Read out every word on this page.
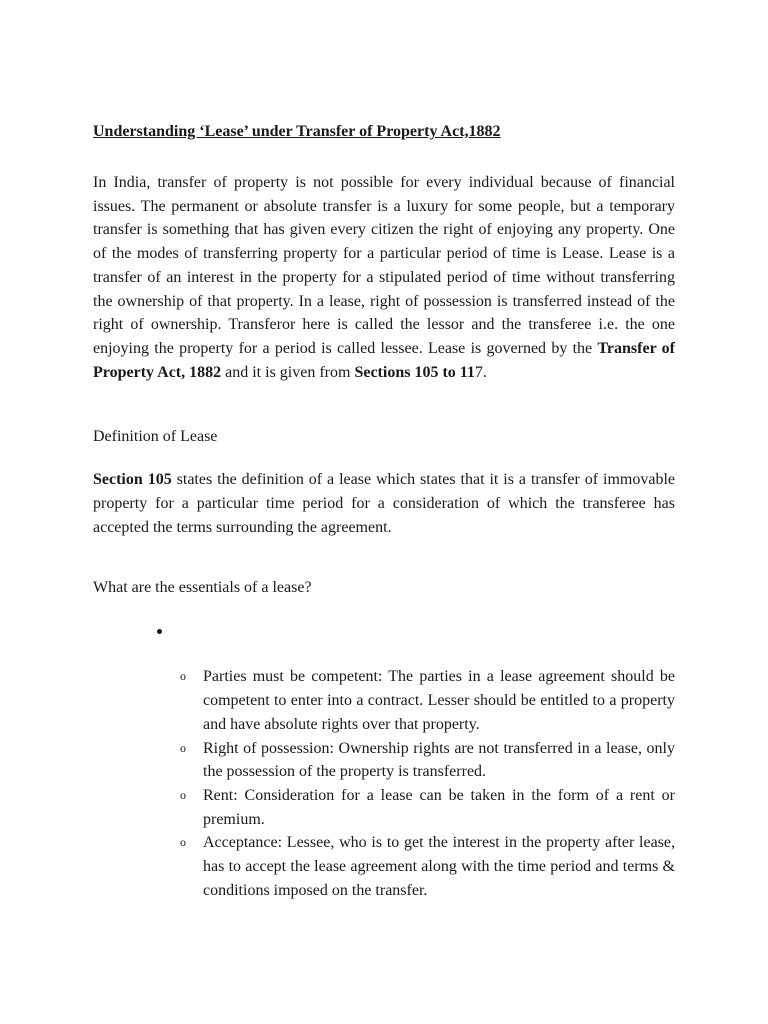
Understanding ‘Lease’ under Transfer of Property Act,1882

In India, transfer of property is not possible for every individual because of financial issues. The permanent or absolute transfer is a luxury for some people, but a temporary transfer is something that has given every citizen the right of enjoying any property. One of the modes of transferring property for a particular period of time is Lease. Lease is a transfer of an interest in the property for a stipulated period of time without transferring the ownership of that property. In a lease, right of possession is transferred instead of the right of ownership. Transferor here is called the lessor and the transferee i.e. the one enjoying the property for a period is called lessee. Lease is governed by the Transfer of Property Act, 1882 and it is given from Sections 105 to 117.

Definition of Lease

Section 105 states the definition of a lease which states that it is a transfer of immovable property for a particular time period for a consideration of which the transferee has accepted the terms surrounding the agreement.

What are the essentials of a lease?

o Parties must be competent: The parties in a lease agreement should be competent to enter into a contract. Lesser should be entitled to a property and have absolute rights over that property.
o Right of possession: Ownership rights are not transferred in a lease, only the possession of the property is transferred.
o Rent: Consideration for a lease can be taken in the form of a rent or premium.
o Acceptance: Lessee, who is to get the interest in the property after lease, has to accept the lease agreement along with the time period and terms & conditions imposed on the transfer.
